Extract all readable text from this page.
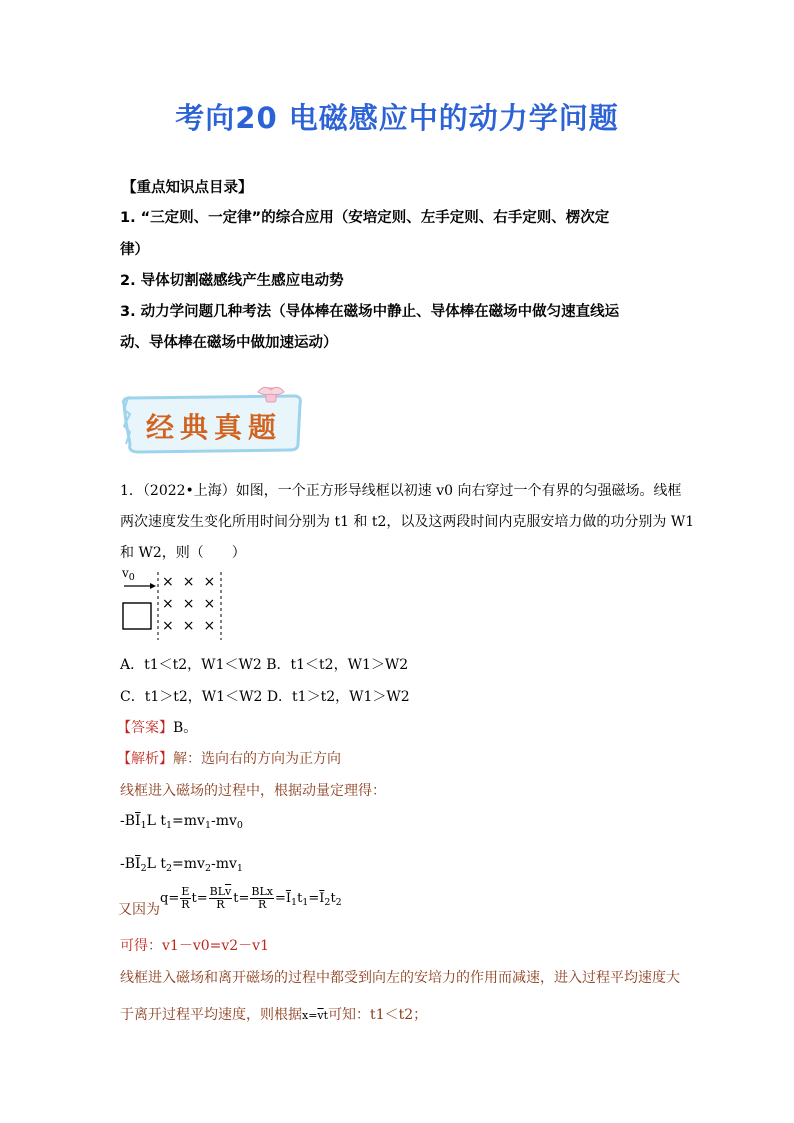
考向20 电磁感应中的动力学问题
【重点知识点目录】
1. “三定则、一定律”的综合应用（安培定则、左手定则、右手定则、楞次定
律）
2. 导体切割磁感线产生感应电动势
3. 动力学问题几种考法（导体棒在磁场中静止、导体棒在磁场中做匀速直线运
动、导体棒在磁场中做加速运动）
经典真题
1．（2022•上海）如图，一个正方形导线框以初速 v0 向右穿过一个有界的匀强磁场。线框
两次速度发生变化所用时间分别为 t1 和 t2，以及这两段时间内克服安培力做的功分别为 W1
和 W2，则（　　）
$v_0$ ×××
×××
×××
A．t1＜t2，W1＜W2 B．t1＜t2，W1＞W2
C．t1＞t2，W1＜W2 D．t1＞t2，W1＞W2
【答案】B。
【解析】解：选向右的方向为正方向
线框进入磁场的过程中，根据动量定理得：
$-B\overline{I}_1L$ $t_1=mv_1-mv_0$
$-B\overline{I}_2L$ $t_2=mv_2-mv_1$
又因为$q= \frac{E}{R} t= \frac{BL\overline{v}}{R} t= \frac{\text{BLx}}{R} =\overline{I}_1t_1=\overline{I}_2t_2$
可得：v1－v0=v2－v1
线框进入磁场和离开磁场的过程中都受到向左的安培力的作用而减速，进入过程平均速度大
于离开过程平均速度，则根据$x=\overline{v}t$可知：t1＜t2；
